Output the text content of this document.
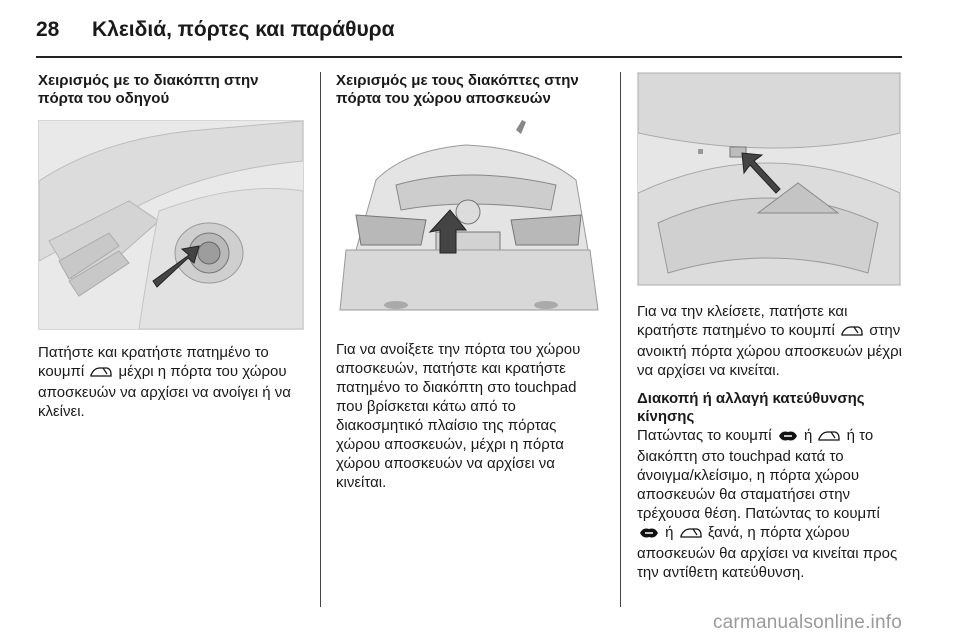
28	Κλειδιά, πόρτες και παράθυρα
Χειρισμός με το διακόπτη στην πόρτα του οδηγού

Πατήστε και κρατήστε πατημένο το κουμπί μέχρι η πόρτα του χώρου αποσκευών να αρχίσει να ανοίγει ή να κλείνει.

Χειρισμός με τους διακόπτες στην πόρτα του χώρου αποσκευών

Για να ανοίξετε την πόρτα του χώρου αποσκευών, πατήστε και κρατήστε πατημένο το διακόπτη στο touchpad που βρίσκεται κάτω από το διακοσμητικό πλαίσιο της πόρτας χώρου αποσκευών, μέχρι η πόρτα χώρου αποσκευών να αρχίσει να κινείται.

Για να την κλείσετε, πατήστε και κρατήστε πατημένο το κουμπί στην ανοικτή πόρτα χώρου αποσκευών μέχρι να αρχίσει να κινείται.

Διακοπή ή αλλαγή κατεύθυνσης κίνησης

Πατώντας το κουμπί ή ή το διακόπτη στο touchpad κατά το άνοιγμα/κλείσιμο, η πόρτα χώρου αποσκευών θα σταματήσει στην τρέχουσα θέση. Πατώντας το κουμπί  ή ξανά, η πόρτα χώρου αποσκευών θα αρχίσει να κινείται προς την αντίθετη κατεύθυνση.

carmanualsonline.info
